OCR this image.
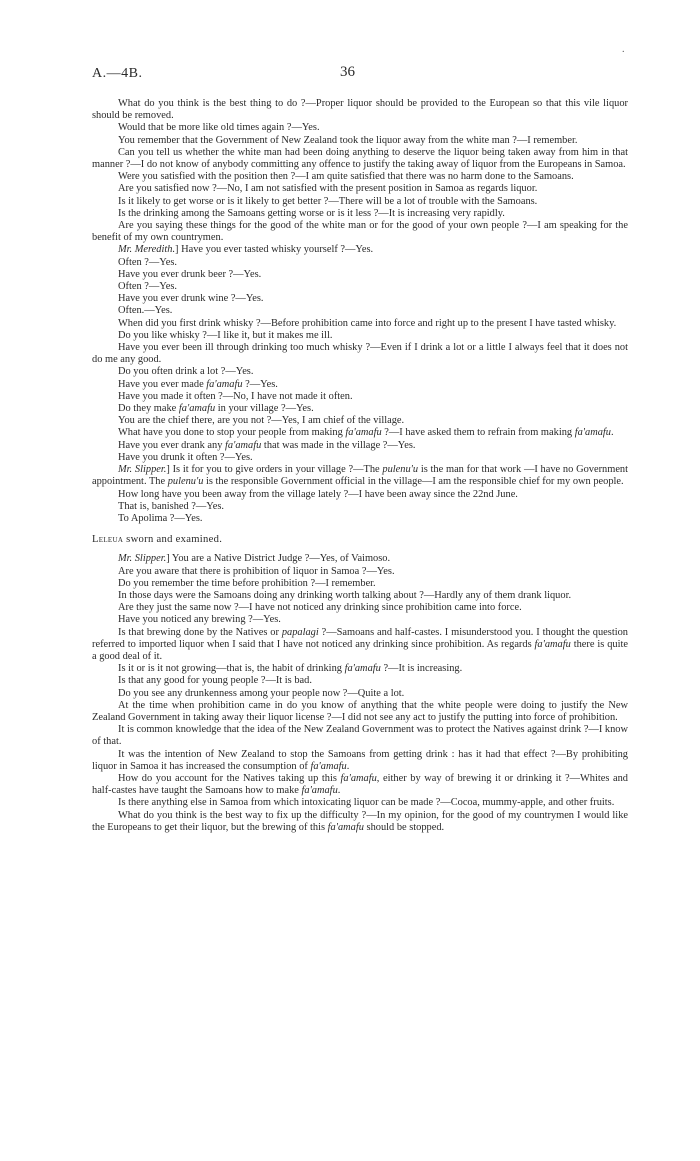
.
A.—4B.	36

What do you think is the best thing to do ?—Proper liquor should be provided to the European so that this vile liquor should be removed.

Would that be more like old times again ?—Yes.

You remember that the Government of New Zealand took the liquor away from the white man ?—I remember.

Can you tell us whether the white man had been doing anything to deserve the liquor being taken away from him in that manner ?—I do not know of anybody committing any offence to justify the taking away of liquor from the Europeans in Samoa.

Were you satisfied with the position then ?—I am quite satisfied that there was no harm done to the Samoans.

Are you satisfied now ?—No, I am not satisfied with the present position in Samoa as regards liquor.

Is it likely to get worse or is it likely to get better ?—There will be a lot of trouble with the Samoans.

Is the drinking among the Samoans getting worse or is it less ?—It is increasing very rapidly.

Are you saying these things for the good of the white man or for the good of your own people ?—I am speaking for the benefit of my own countrymen.

Mr. Meredith.] Have you ever tasted whisky yourself ?—Yes.

Often ?—Yes.

Have you ever drunk beer ?—Yes.

Often ?—Yes.

Have you ever drunk wine ?—Yes.

Often.—Yes.

When did you first drink whisky ?—Before prohibition came into force and right up to the present I have tasted whisky.

Do you like whisky ?—I like it, but it makes me ill.

Have you ever been ill through drinking too much whisky ?—Even if I drink a lot or a little I always feel that it does not do me any good.

Do you often drink a lot ?—Yes.

Have you ever made fa'amafu ?—Yes.

Have you made it often ?—No, I have not made it often.

Do they make fa'amafu in your village ?—Yes.

You are the chief there, are you not ?—Yes, I am chief of the village.

What have you done to stop your people from making fa'amafu ?—I have asked them to refrain from making fa'amafu.

Have you ever drank any fa'amafu that was made in the village ?—Yes.

Have you drunk it often ?—Yes.

Mr. Slipper.] Is it for you to give orders in your village ?—The pulenu'u is the man for that work —I have no Government appointment. The pulenu'u is the responsible Government official in the village—I am the responsible chief for my own people.

How long have you been away from the village lately ?—I have been away since the 22nd June.

That is, banished ?—Yes.

To Apolima ?—Yes.

Leleua sworn and examined.

Mr. Slipper.] You are a Native District Judge ?—Yes, of Vaimoso.

Are you aware that there is prohibition of liquor in Samoa ?—Yes.

Do you remember the time before prohibition ?—I remember.

In those days were the Samoans doing any drinking worth talking about ?—Hardly any of them drank liquor.

Are they just the same now ?—I have not noticed any drinking since prohibition came into force.

Have you noticed any brewing ?—Yes.

Is that brewing done by the Natives or papalagi ?—Samoans and half-castes. I misunderstood you. I thought the question referred to imported liquor when I said that I have not noticed any drinking since prohibition. As regards fa'amafu there is quite a good deal of it.

Is it or is it not growing—that is, the habit of drinking fa'amafu ?—It is increasing.

Is that any good for young people ?—It is bad.

Do you see any drunkenness among your people now ?—Quite a lot.

At the time when prohibition came in do you know of anything that the white people were doing to justify the New Zealand Government in taking away their liquor license ?—I did not see any act to justify the putting into force of prohibition.

It is common knowledge that the idea of the New Zealand Government was to protect the Natives against drink ?—I know of that.

It was the intention of New Zealand to stop the Samoans from getting drink : has it had that effect ?—By prohibiting liquor in Samoa it has increased the consumption of fa'amafu.

How do you account for the Natives taking up this fa'amafu, either by way of brewing it or drinking it ?—Whites and half-castes have taught the Samoans how to make fa'amafu.

Is there anything else in Samoa from which intoxicating liquor can be made ?—Cocoa, mummy-apple, and other fruits.

What do you think is the best way to fix up the difficulty ?—In my opinion, for the good of my countrymen I would like the Europeans to get their liquor, but the brewing of this fa'amafu should be stopped.
